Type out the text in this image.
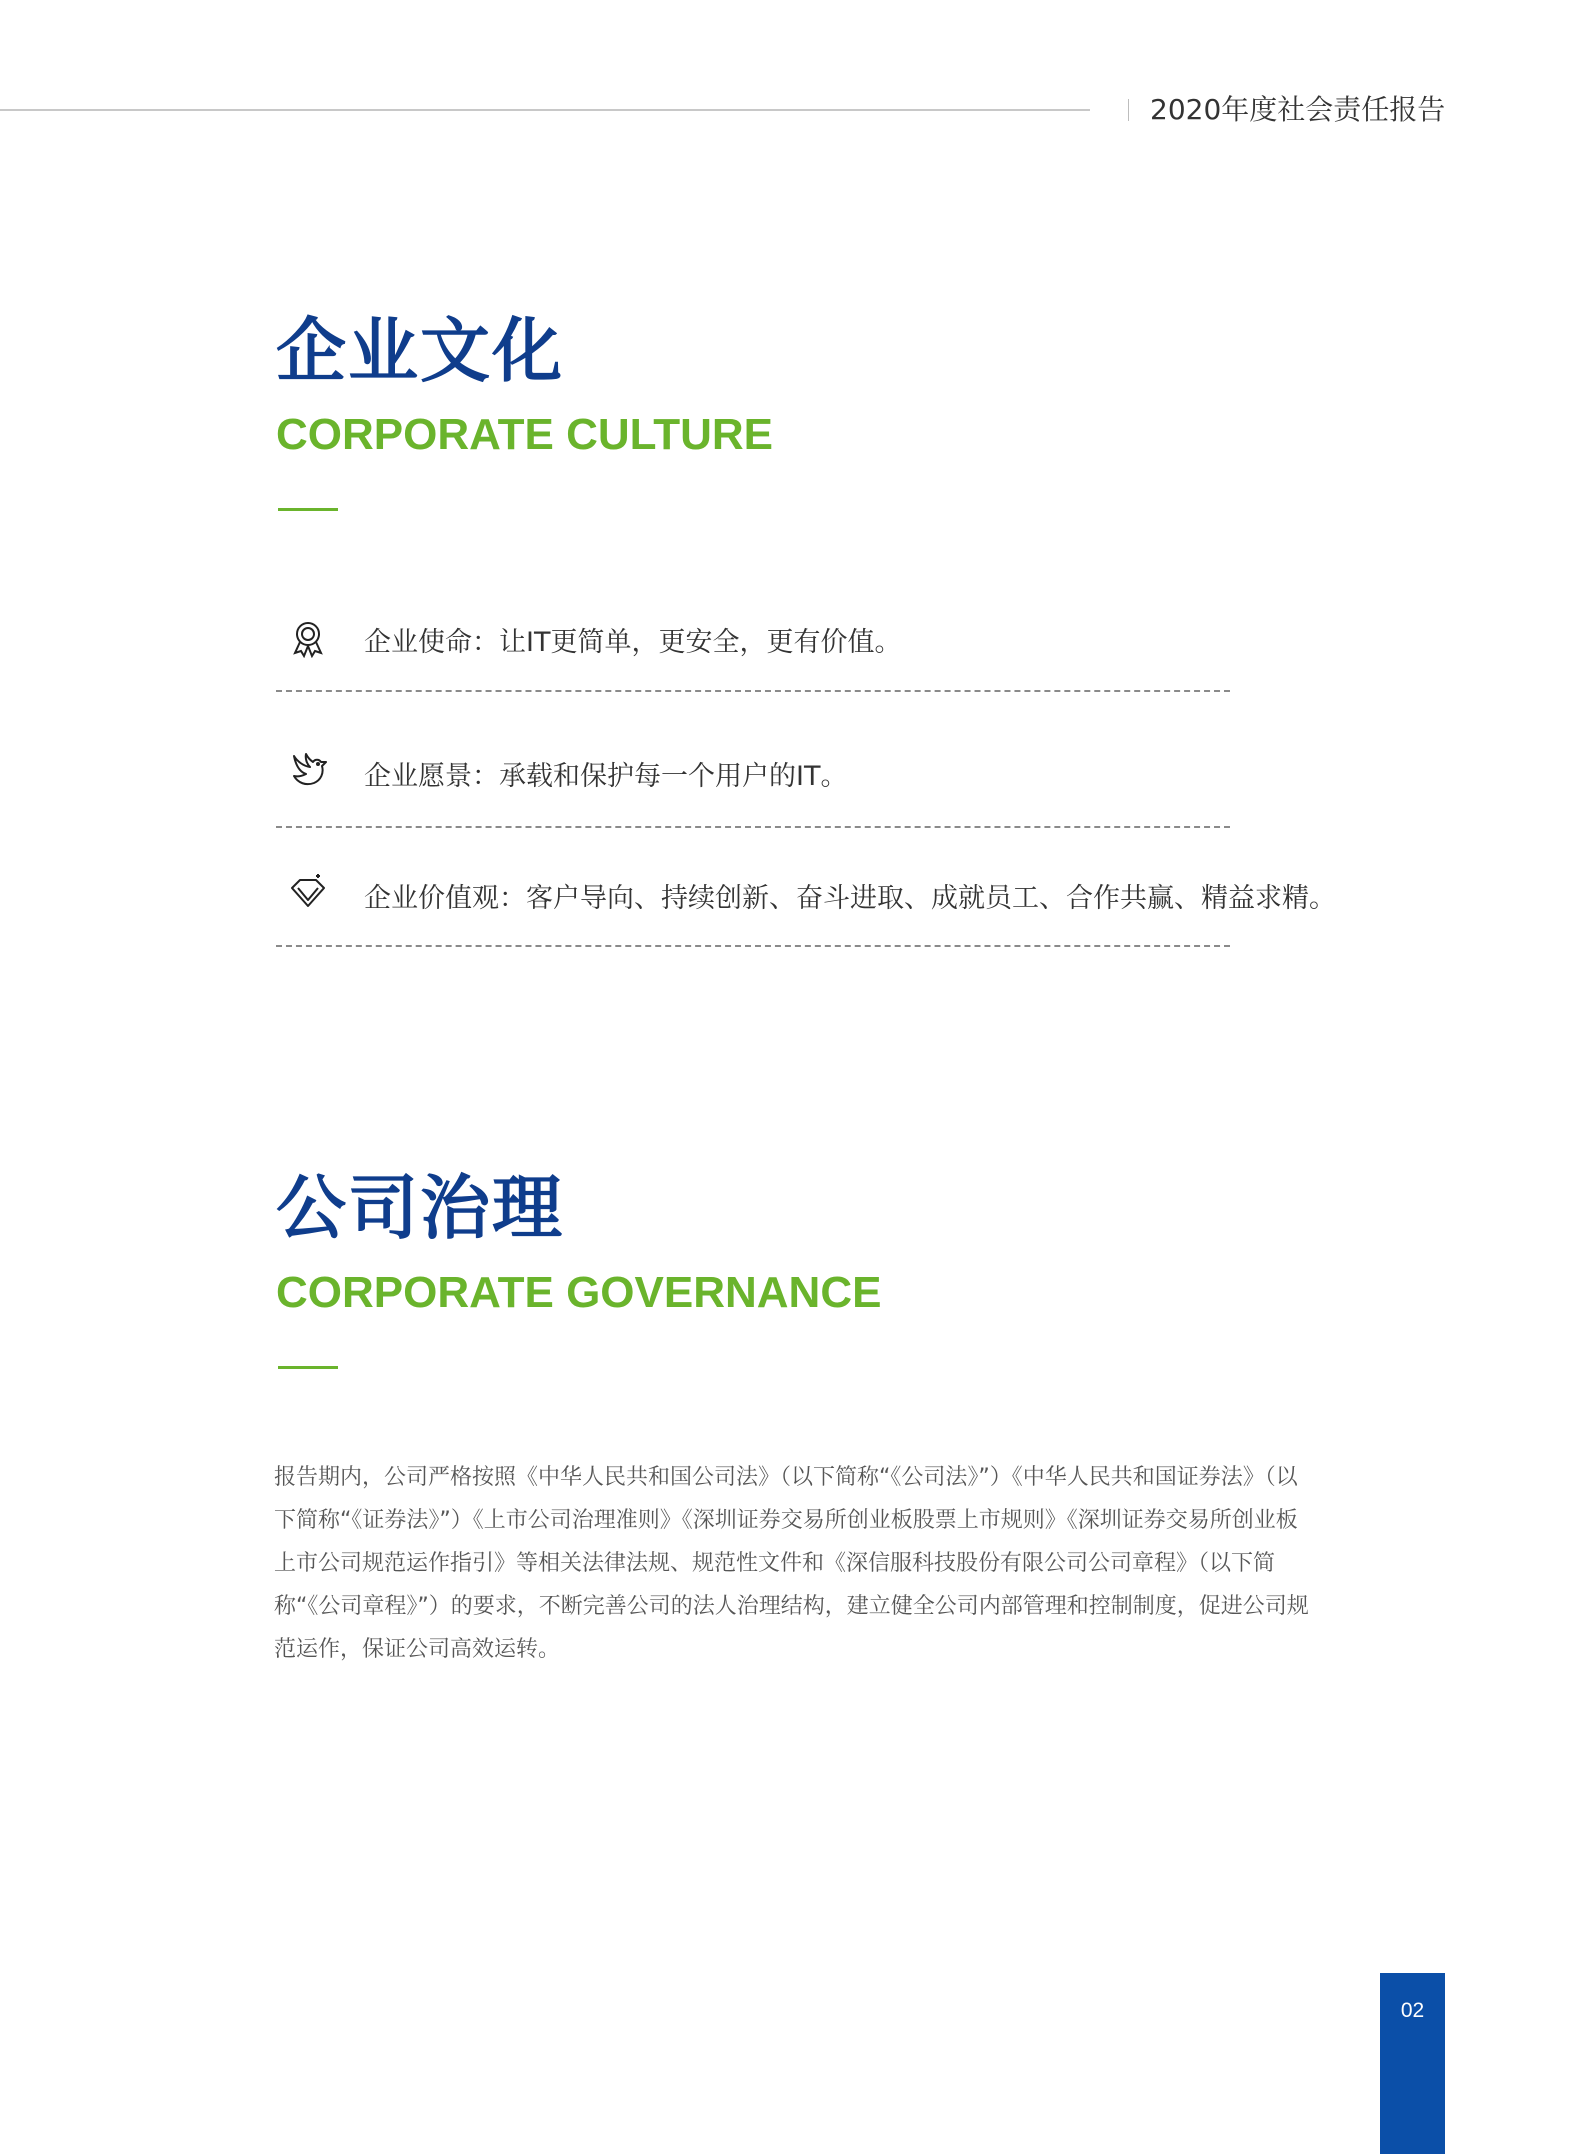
2020年度社会责任报告
企业文化
CORPORATE CULTURE
企业使命：让IT更简单，更安全，更有价值。
企业愿景：承载和保护每一个用户的IT。
企业价值观：客户导向、持续创新、奋斗进取、成就员工、合作共赢、精益求精。
公司治理
CORPORATE GOVERNANCE
报告期内，公司严格按照《中华人民共和国公司法》（以下简称“《公司法》”）《中华人民共和国证券法》（以下简称“《证券法》”）《上市公司治理准则》《深圳证券交易所创业板股票上市规则》《深圳证券交易所创业板上市公司规范运作指引》等相关法律法规、规范性文件和《深信服科技股份有限公司公司章程》（以下简称“《公司章程》”）的要求，不断完善公司的法人治理结构，建立健全公司内部管理和控制制度，促进公司规范运作，保证公司高效运转。
02
